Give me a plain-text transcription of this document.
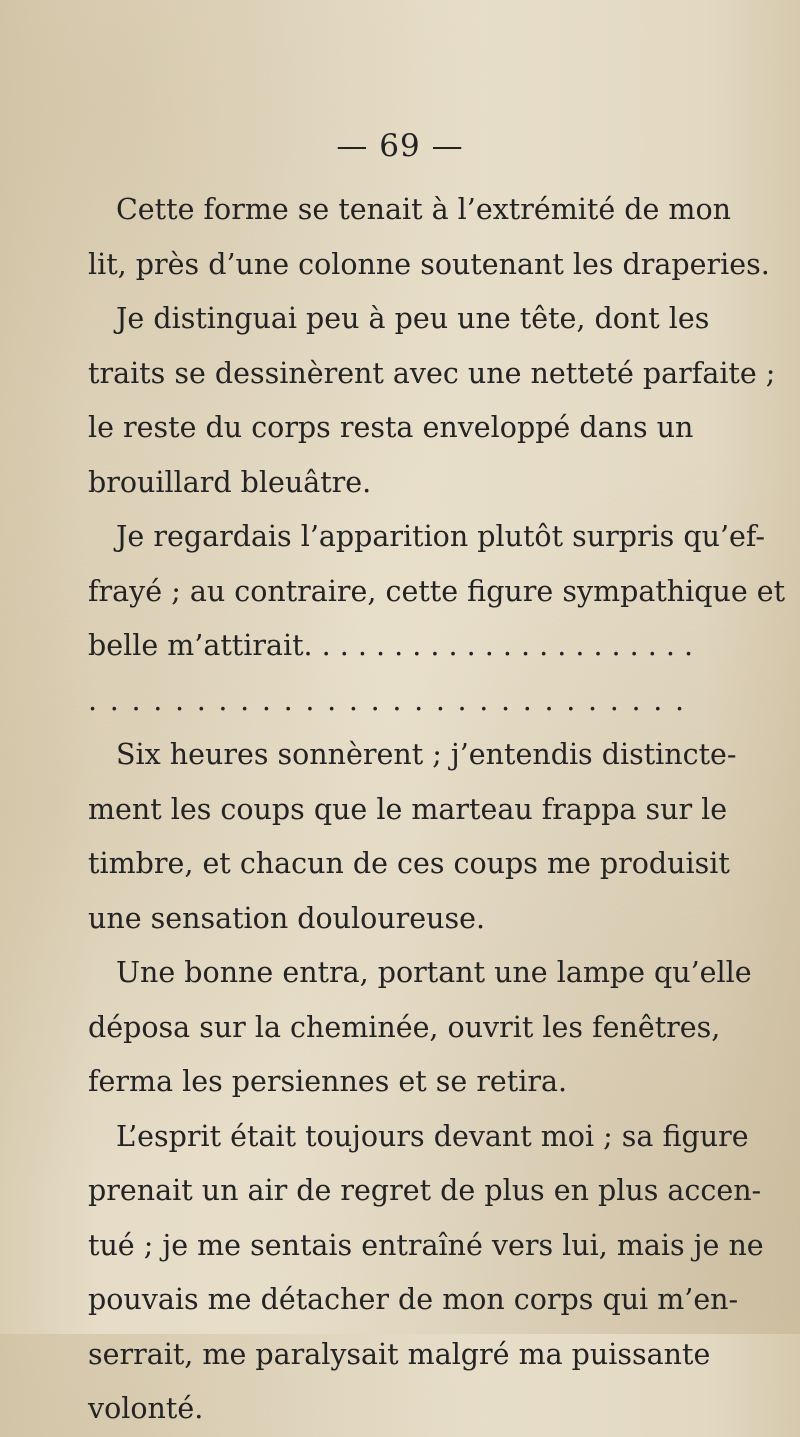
— 69 —
Cette forme se tenait à l’extrémité de mon
lit, près d’une colonne soutenant les draperies.
Je distinguai peu à peu une tête, dont les
traits se dessinèrent avec une netteté parfaite ;
le reste du corps resta enveloppé dans un
brouillard bleuâtre.
Je regardais l’apparition plutôt surpris qu’ef-
frayé ; au contraire, cette figure sympathique et
belle m’attirait. . . . . . . . . . . . . . . . . . . . . .
. . . . . . . . . . . . . . . . . . . . . . . . . . . .
Six heures sonnèrent ; j’entendis distincte-
ment les coups que le marteau frappa sur le
timbre, et chacun de ces coups me produisit
une sensation douloureuse.
Une bonne entra, portant une lampe qu’elle
déposa sur la cheminée, ouvrit les fenêtres,
ferma les persiennes et se retira.
L’esprit était toujours devant moi ; sa figure
prenait un air de regret de plus en plus accen-
tué ; je me sentais entraîné vers lui, mais je ne
pouvais me détacher de mon corps qui m’en-
serrait, me paralysait malgré ma puissante
volonté.
